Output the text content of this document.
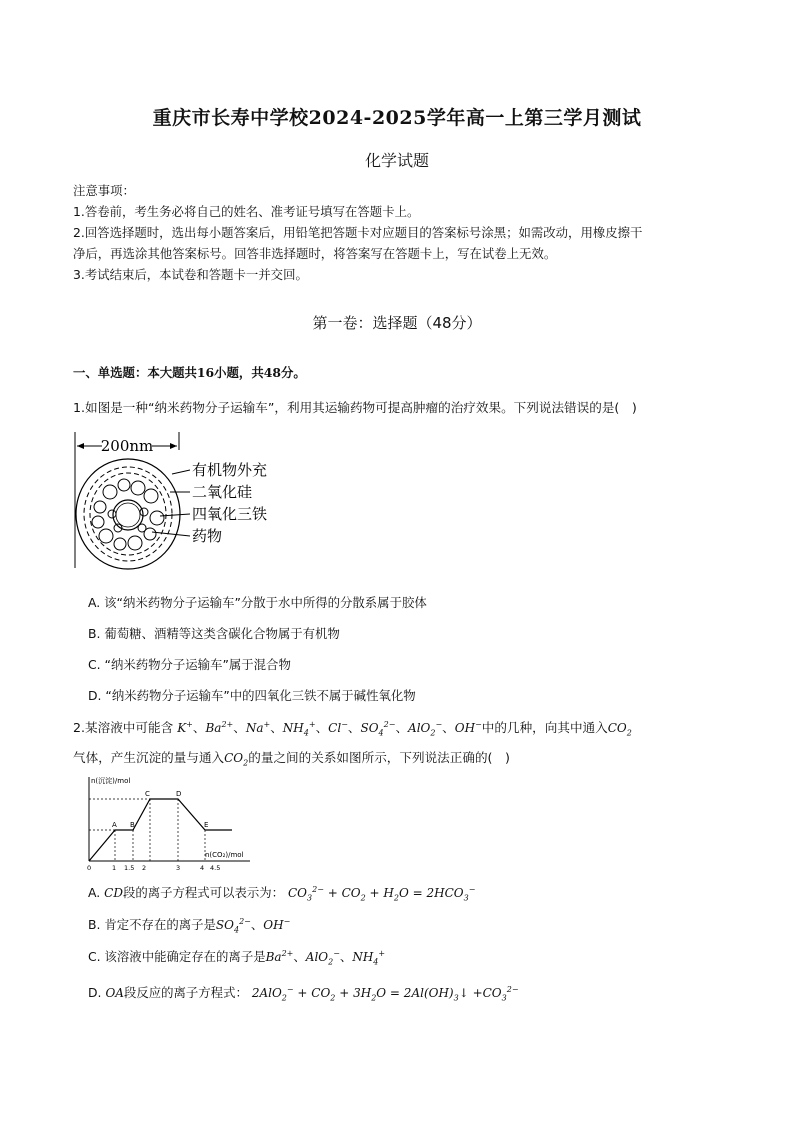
重庆市长寿中学校2024-2025学年高一上第三学月测试
化学试题
注意事项：
1.答卷前，考生务必将自己的姓名、准考证号填写在答题卡上。
2.回答选择题时，选出每小题答案后，用铅笔把答题卡对应题目的答案标号涂黑；如需改动，用橡皮擦干
净后，再选涂其他答案标号。回答非选择题时，将答案写在答题卡上，写在试卷上无效。
3.考试结束后，本试卷和答题卡一并交回。
第一卷：选择题（48分）
一、单选题：本大题共16小题，共48分。
1.如图是一种“纳米药物分子运输车”，利用其运输药物可提高肿瘤的治疗效果。下列说法错误的是(　)
200nm
有机物外充
二氧化硅
四氧化三铁
药物
A. 该“纳米药物分子运输车”分散于水中所得的分散系属于胶体
B. 葡萄糖、酒精等这类含碳化合物属于有机物
C. “纳米药物分子运输车”属于混合物
D. “纳米药物分子运输车”中的四氧化三铁不属于碱性氧化物
2.某溶液中可能含 K+、$Ba^{2+}$、Na+、$NH_4^+$、Cl−、$SO_4^{2-}$、AlO$_2$−、OH−中的几种，向其中通入$CO_2$
气体，产生沉淀的量与通入$CO_2$的量之间的关系如图所示，下列说法正确的(　)
n(沉淀)/mol
n(CO₂)/mol
A B
C	D
E
0	1 1.5 2	3	4 4.5
A. CD段的离子方程式可以表示为： $CO_3^{2-} + CO_2 + H_2O = 2HCO_3^-$
B. 肯定不存在的离子是$SO_4^{2-}$、OH−
C. 该溶液中能确定存在的离子是$Ba^{2+}$、AlO$_2$−、$NH_4^+$
D. OA段反应的离子方程式： $2AlO_2^- + CO_2 + 3H_2O$ = $2Al(OH)_3↓ +CO_3^{2-}$
